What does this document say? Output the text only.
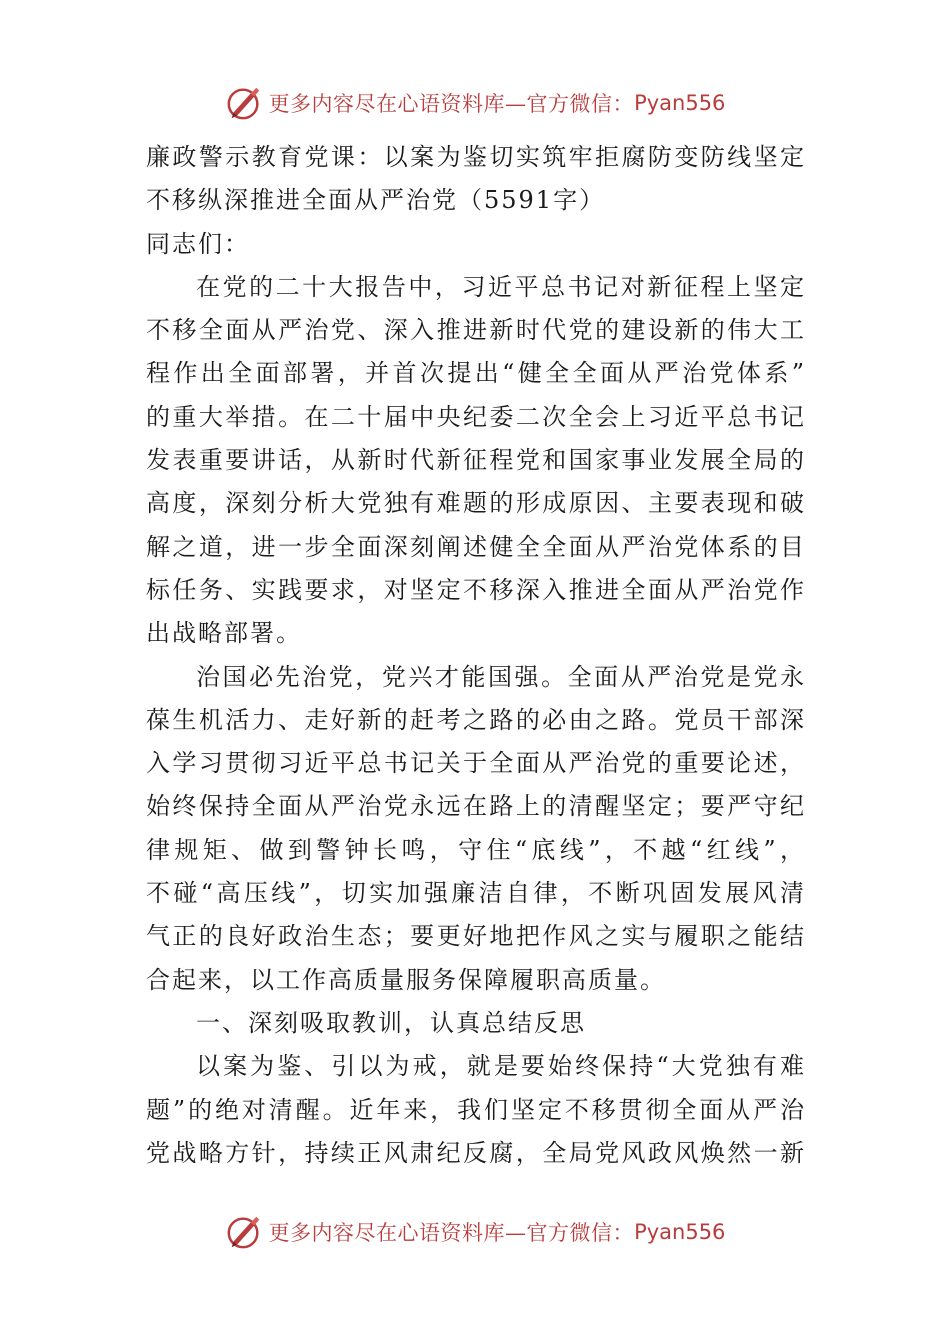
更多内容尽在心语资料库—官方微信： Pyan556
廉政警示教育党课：以案为鉴切实筑牢拒腐防变防线坚定
不移纵深推进全面从严治党（5591字）
同志们：
在党的二十大报告中，习近平总书记对新征程上坚定
不移全面从严治党、深入推进新时代党的建设新的伟大工
程作出全面部署，并首次提出“健全全面从严治党体系”
的重大举措。在二十届中央纪委二次全会上习近平总书记
发表重要讲话，从新时代新征程党和国家事业发展全局的
高度，深刻分析大党独有难题的形成原因、主要表现和破
解之道，进一步全面深刻阐述健全全面从严治党体系的目
标任务、实践要求，对坚定不移深入推进全面从严治党作
出战略部署。
治国必先治党，党兴才能国强。全面从严治党是党永
葆生机活力、走好新的赶考之路的必由之路。党员干部深
入学习贯彻习近平总书记关于全面从严治党的重要论述，
始终保持全面从严治党永远在路上的清醒坚定；要严守纪
律规矩、做到警钟长鸣，守住“底线”，不越“红线”，
不碰“高压线”，切实加强廉洁自律，不断巩固发展风清
气正的良好政治生态；要更好地把作风之实与履职之能结
合起来，以工作高质量服务保障履职高质量。
一、深刻吸取教训，认真总结反思
以案为鉴、引以为戒，就是要始终保持“大党独有难
题”的绝对清醒。近年来，我们坚定不移贯彻全面从严治
党战略方针，持续正风肃纪反腐，全局党风政风焕然一新
更多内容尽在心语资料库—官方微信： Pyan556
